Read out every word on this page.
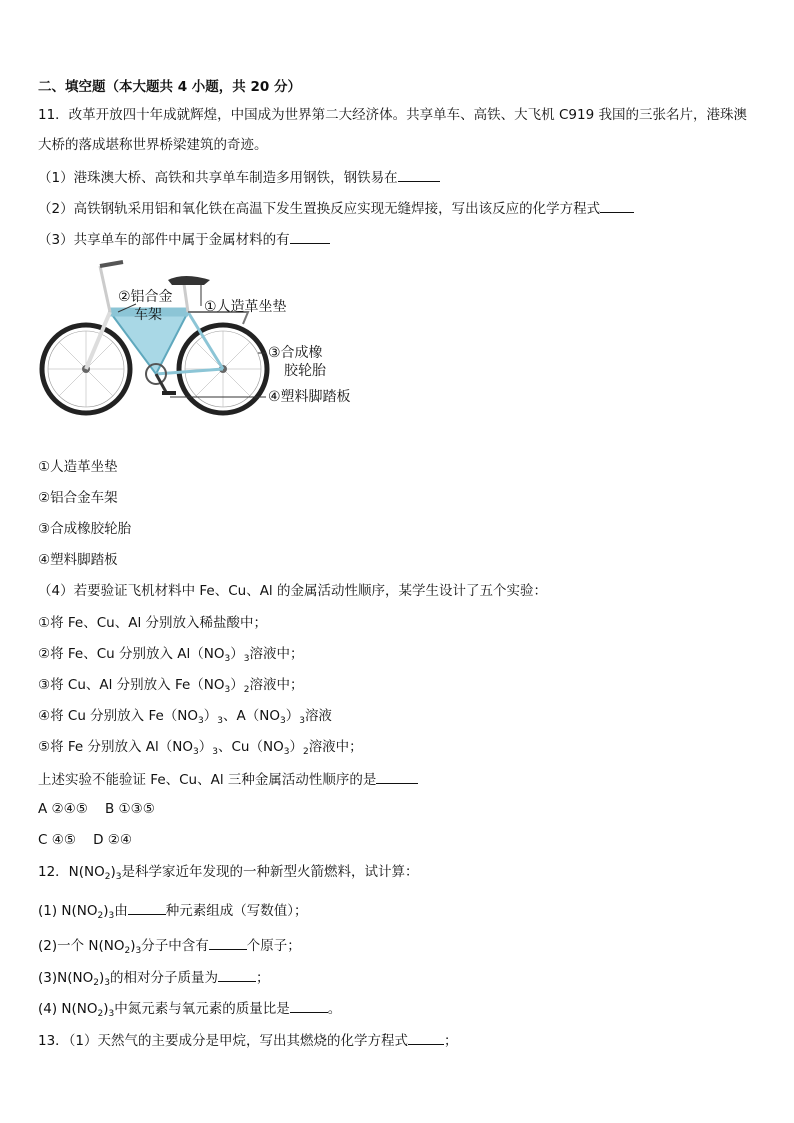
二、填空题（本大题共 4 小题，共 20 分）
11．改革开放四十年成就辉煌，中国成为世界第二大经济体。共享单车、高铁、大飞机 C919 我国的三张名片，港珠澳
大桥的落成堪称世界桥梁建筑的奇迹。
（1）港珠澳大桥、高铁和共享单车制造多用钢铁，钢铁易在
（2）高铁钢轨采用铝和氧化铁在高温下发生置换反应实现无缝焊接，写出该反应的化学方程式
（3）共享单车的部件中属于金属材料的有
①人造革坐垫
②铝合金
车架
③合成橡
胶轮胎
④塑料脚踏板
①人造革坐垫
②铝合金车架
③合成橡胶轮胎
④塑料脚踏板
（4）若要验证飞机材料中 Fe、Cu、Al 的金属活动性顺序，某学生设计了五个实验：
①将 Fe、Cu、Al 分别放入稀盐酸中；
②将 Fe、Cu 分别放入 $Al(NO_3)_3$溶液中；
③将 Cu、Al 分别放入 $Fe(NO_3)_2$溶液中；
④将 Cu 分别放入 $Fe(NO_3)_3$、$A(NO_3)_3$溶液
⑤将 Fe 分别放入 $Al(NO_3)_3$、$Cu(NO_3)_2$溶液中；
上述实验不能验证 Fe、Cu、Al 三种金属活动性顺序的是
A ②④⑤    B ①③⑤
C ④⑤    D ②④
12．$N(NO_2)_3$是科学家近年发现的一种新型火箭燃料，试计算：
(1) $N(NO_2)_3$由	种元素组成（写数值）；
(2)一个 $N(NO_2)_3$分子中含有	个原子；
$(3)N(NO_2)_3$的相对分子质量为	；
(4) $N(NO_2)_3$中氮元素与氧元素的质量比是	。
13．（1）天然气的主要成分是甲烷，写出其燃烧的化学方程式	；
